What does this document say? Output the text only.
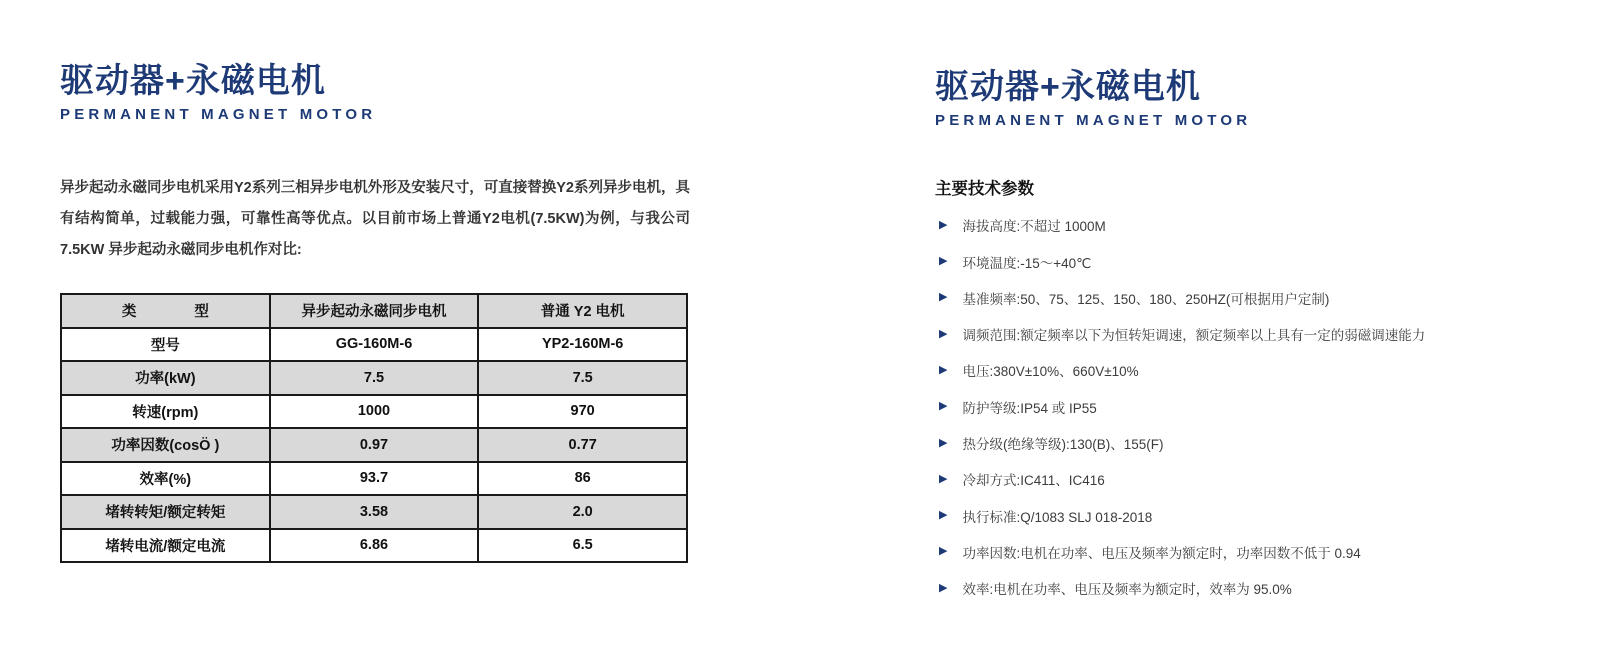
驱动器+永磁电机
PERMANENT MAGNET MOTOR

异步起动永磁同步电机采用Y2系列三相异步电机外形及安装尺寸，可直接替换Y2系列异步电机，具有结构简单，过载能力强，可靠性高等优点。以目前市场上普通Y2电机(7.5KW)为例，与我公司7.5KW 异步起动永磁同步电机作对比:

类　　　　型	异步起动永磁同步电机	普通 Y2 电机
型号	GG-160M-6	YP2-160M-6
功率(kW)	7.5	7.5
转速(rpm)	1000	970
功率因数(cosÖ )	0.97	0.77
效率(%)	93.7	86
堵转转矩/额定转矩	3.58	2.0
堵转电流/额定电流	6.86	6.5
驱动器+永磁电机
PERMANENT MAGNET MOTOR
主要技术参数
▶ 海拔高度:不超过 1000M
▶ 环境温度:-15～+40℃
▶ 基准频率:50、75、125、150、180、250HZ(可根据用户定制)
▶ 调频范围:额定频率以下为恒转矩调速，额定频率以上具有一定的弱磁调速能力
▶ 电压:380V±10%、660V±10%
▶ 防护等级:IP54 或 IP55
▶ 热分级(绝缘等级):130(B)、155(F)
▶ 冷却方式:IC411、IC416
▶ 执行标准:Q/1083 SLJ 018-2018
▶ 功率因数:电机在功率、电压及频率为额定时，功率因数不低于 0.94
▶ 效率:电机在功率、电压及频率为额定时，效率为 95.0%
